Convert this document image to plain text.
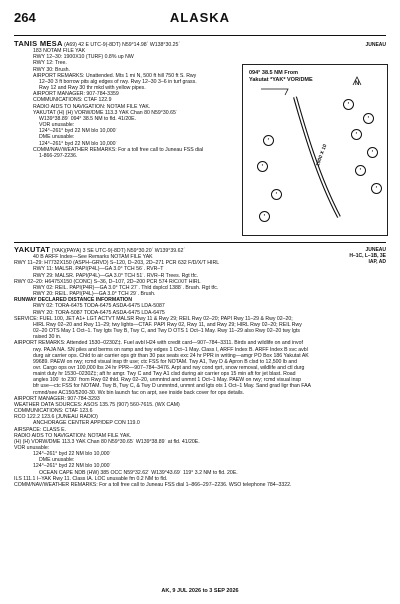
264	ALASKA
TANIS MESA (A69) 42 E UTC-9(-8DT) N59°14.98´ W138°30.25´	JUNEAU
183 NOTAM FILE YAK
RWY 12–30: 1900X10 (TURF) 0.8% up NW
RWY 12: Tree.
RWY 30: Brush.
AIRPORT REMARKS: Unattended. Mts 1 mi N, 500 ft hill 750 ft S. Rwy
12–30 3 ft borrow pits alg edges of rwy. Rwy 12–30 3–6 in turf grass.
Rwy 12 and Rwy 30 thr mkd with yellow pipes.
AIRPORT MANAGER: 907-784-3359
COMMUNICATIONS: CTAF 122.9
RADIO AIDS TO NAVIGATION: NOTAM FILE YAK.
YAKUTAT (H) (H) VORW/DME 113.3 YAK Chan 80 N59°30.65´
W139°38.89´ 094° 38.5 NM to fld. 41/20E.
VOR unusable:
124°–261° byd 22 NM blo 10,000´
DME unusable:
124°–261° byd 22 NM blo 10,000´
COMM/NAV/WEATHER REMARKS: For a toll free call to Juneau FSS dial
1-866-297-2236.
094° 38.5 NM From
Yakutat *YAK* VOR/DME
1900 X 10
N
⋅
⋅
⋅
⋅
⋅
⋅
⋅
⋅
⋅
⋅
YAKUTAT (YAK)(PAYA) 3 SE UTC-9(-8DT) N59°30.20´ W139°39.62´	JUNEAU
H–1C, L–1B, 3E
IAP, AD
40 B ARFF Index—See Remarks NOTAM FILE YAK
RWY 11–29: H7732X150 (ASPH–GRVD) S–120, D–203, 2D–271 PCR 632 F/D/X/T HIRL
RWY 11: MALSR. PAPI(P4L)—GA 3.0° TCH 56´. RVR–T
RWY 29: MALSR. PAPI(P4L)—GA 3.0° TCH 51´. RVR–R Trees. Rgt tfc.
RWY 02–20: H6475X150 (CONC) S–36, D–107, 2D–200 PCR 574 R/C/X/T HIRL
RWY 02: REIL. PAPI(P4R)—GA 3.0° TCH 27´. Thld dsplcd 1388´. Brush. Rgt tfc.
RWY 20: REIL. PAPI(P4L)—GA 3.0° TCH 29´. Brush.
RUNWAY DECLARED DISTANCE INFORMATION
RWY 02: TORA-6475 TODA-6475 ASDA-6475 LDA-5087
RWY 20: TORA-5087 TODA-6475 ASDA-6475 LDA-6475
SERVICE: FUEL 100, JET A1+ LGT ACTVT MALSR Rwy 11 & Rwy 29; REIL Rwy 02–20; PAPI Rwy 11–29 & Rwy 02–20;
HIRL Rwy 02–20 and Rwy 11–29; twy lights—CTAF. PAPI Rwy 02, Rwy 11, and Rwy 29; HIRL Rwy 02–20; REIL Rwy
02–20 OTS May 1 Oct–1. Twy lgts Twy B, Twy C, and Twy D OTS 1 Oct–1 May. Rwy 11–29 also Rwy 02–20 twy lgts
raised 30 in.
AIRPORT REMARKS: Attended 1530–0230Z‡. Fuel avbl H24 with credit card—907–784–3311. Birds and wildlife on and invof
rwy. PAJA NA. SN piles and berms on ramp and twy edges 1 Oct–1 May. Class I, ARFF Index B. ARFF Index B svc avbl
durg air carrier ops. Chld to air carrier ops gtr than 30 pax seats exc 24 hr PPR in writing—amgr PO Box 186 Yakutat AK
99689. PAEW on rwy; rcmd visual insp tfr use; ctc FSS for NOTAM. Twy A1, Twy D & Apron B clsd to 12,500 lb and
ovr. Cargo ops ovr 100,000 lbs 24 hr PPR—907–784–3476. Arpt and rwy cond rprt, snow removal, wildlife and ctl durg
maint duty hr 1530–0230Z‡; aft hr amgr. Twy C and Twy A1 clsd during air carrier ops 15 min aft for jet blast. Road
angles 100´ to 230´ from Rwy 02 thld. Rwy 02–20, unmntnd and unmnt 1 Oct–1 May. PAEW on rwy; rcmd visual insp
bfr use—ctc FSS for NOTAM. Twy B, Twy C, & Twy D unmntnd, unmnt and lgts ots 1 Oct–1 May. Sand grad ligr than FAA
rcmnd/see AC150/5200-30. Wx bin launch fac on arpt, see inside back cover for ops details.
AIRPORT MANAGER: 907-784-3293
WEATHER DATA SOURCES: ASOS 135.75 (907) 560-7615. (WX CAM)
COMMUNICATIONS: CTAF 123.6
RCO 122.2 123.6 (JUNEAU RADIO)
ANCHORAGE CENTER APP/DEP CON 119.0
AIRSPACE: CLASS E.
RADIO AIDS TO NAVIGATION: NOTAM FILE YAK.
(H) (H) VORW/DME 113.3 YAK Chan 80 N59°30.65´ W139°38.89´ at fld. 41/20E.
VOR unusable:
124°–261° byd 22 NM blo 10,000´
DME unusable:
124°–261° byd 22 NM blo 10,000´
OCEAN CAPE NDB (HW) 385 OCC N59°32.62´ W139°43.69´ 119° 3.2 NM to fld. 20E.
ILS 111.1 I–YAK Rwy 11. Class IA. LOC unusable fm 0.2 NM to fld.
COMM/NAV/WEATHER REMARKS: For a toll free call to Juneau FSS dial 1–866–297–2236. WSO telephone 784–3322.
AK, 9 JUL 2026 to 3 SEP 2026
